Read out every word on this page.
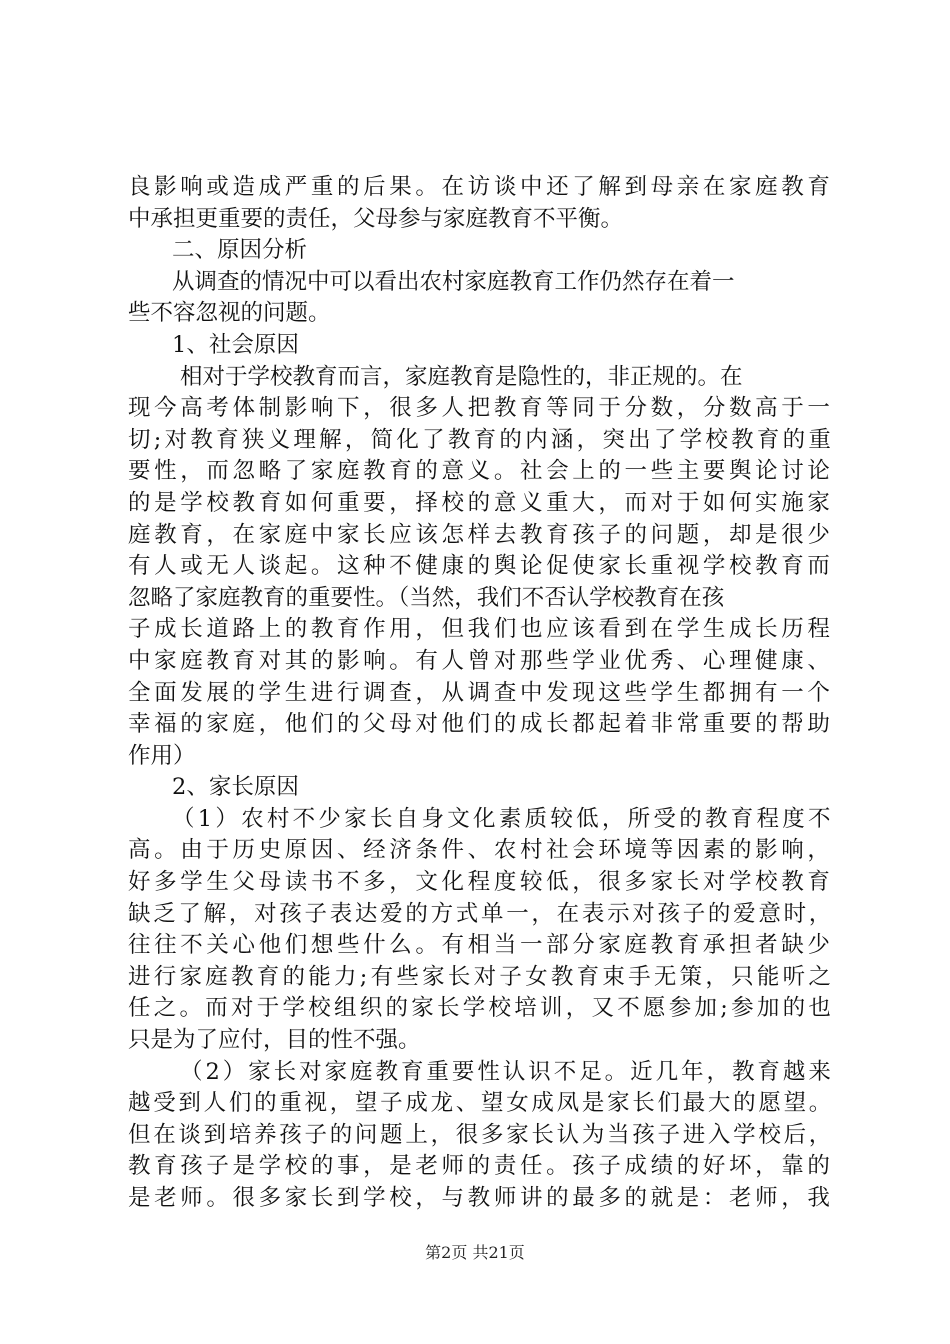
良影响或造成严重的后果。在访谈中还了解到母亲在家庭教育
中承担更重要的责任，父母参与家庭教育不平衡。
二、原因分析
从调查的情况中可以看出农村家庭教育工作仍然存在着一
些不容忽视的问题。
1、社会原因
相对于学校教育而言，家庭教育是隐性的，非正规的。在
现今高考体制影响下，很多人把教育等同于分数，分数高于一
切;对教育狭义理解，简化了教育的内涵，突出了学校教育的重
要性，而忽略了家庭教育的意义。社会上的一些主要舆论讨论
的是学校教育如何重要，择校的意义重大，而对于如何实施家
庭教育，在家庭中家长应该怎样去教育孩子的问题，却是很少
有人或无人谈起。这种不健康的舆论促使家长重视学校教育而
忽略了家庭教育的重要性。（当然，我们不否认学校教育在孩
子成长道路上的教育作用，但我们也应该看到在学生成长历程
中家庭教育对其的影响。有人曾对那些学业优秀、心理健康、
全面发展的学生进行调查，从调查中发现这些学生都拥有一个
幸福的家庭，他们的父母对他们的成长都起着非常重要的帮助
作用）
2、家长原因
（1）农村不少家长自身文化素质较低，所受的教育程度不
高。由于历史原因、经济条件、农村社会环境等因素的影响，
好多学生父母读书不多，文化程度较低，很多家长对学校教育
缺乏了解，对孩子表达爱的方式单一，在表示对孩子的爱意时，
往往不关心他们想些什么。有相当一部分家庭教育承担者缺少
进行家庭教育的能力;有些家长对子女教育束手无策，只能听之
任之。而对于学校组织的家长学校培训，又不愿参加;参加的也
只是为了应付，目的性不强。
（2）家长对家庭教育重要性认识不足。近几年，教育越来
越受到人们的重视，望子成龙、望女成凤是家长们最大的愿望。
但在谈到培养孩子的问题上，很多家长认为当孩子进入学校后，
教育孩子是学校的事，是老师的责任。孩子成绩的好坏，靠的
是老师。很多家长到学校，与教师讲的最多的就是：老师，我
第2页 共21页
